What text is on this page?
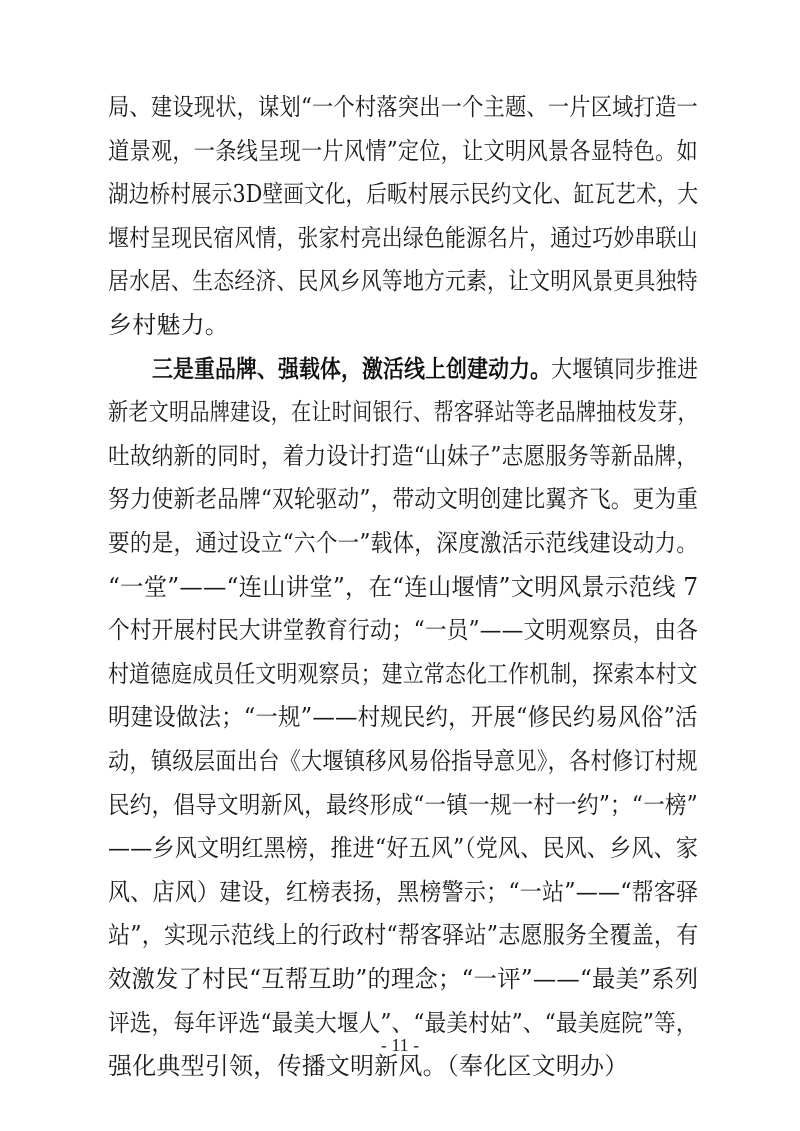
局、建设现状，谋划“一个村落突出一个主题、一片区域打造一
道景观，一条线呈现一片风情”定位，让文明风景各显特色。如
湖边桥村展示3D壁画文化，后畈村展示民约文化、缸瓦艺术，大
堰村呈现民宿风情，张家村亮出绿色能源名片，通过巧妙串联山
居水居、生态经济、民风乡风等地方元素，让文明风景更具独特
乡村魅力。
三是重品牌、强载体，激活线上创建动力。大堰镇同步推进
新老文明品牌建设，在让时间银行、帮客驿站等老品牌抽枝发芽，
吐故纳新的同时，着力设计打造“山妹子”志愿服务等新品牌，
努力使新老品牌“双轮驱动”，带动文明创建比翼齐飞。更为重
要的是，通过设立“六个一”载体，深度激活示范线建设动力。
“一堂”——“连山讲堂”，在“连山堰情”文明风景示范线 7
个村开展村民大讲堂教育行动；“一员”——文明观察员，由各
村道德庭成员任文明观察员；建立常态化工作机制，探索本村文
明建设做法；“一规”——村规民约，开展“修民约易风俗”活
动，镇级层面出台《大堰镇移风易俗指导意见》，各村修订村规
民约，倡导文明新风，最终形成“一镇一规一村一约”；“一榜”
——乡风文明红黑榜，推进“好五风”（党风、民风、乡风、家
风、店风）建设，红榜表扬，黑榜警示；“一站”——“帮客驿
站”，实现示范线上的行政村“帮客驿站”志愿服务全覆盖，有
效激发了村民“互帮互助”的理念；“一评”——“最美”系列
评选，每年评选“最美大堰人”、“最美村姑”、“最美庭院”等，
强化典型引领，传播文明新风。（奉化区文明办）
- 11 -
